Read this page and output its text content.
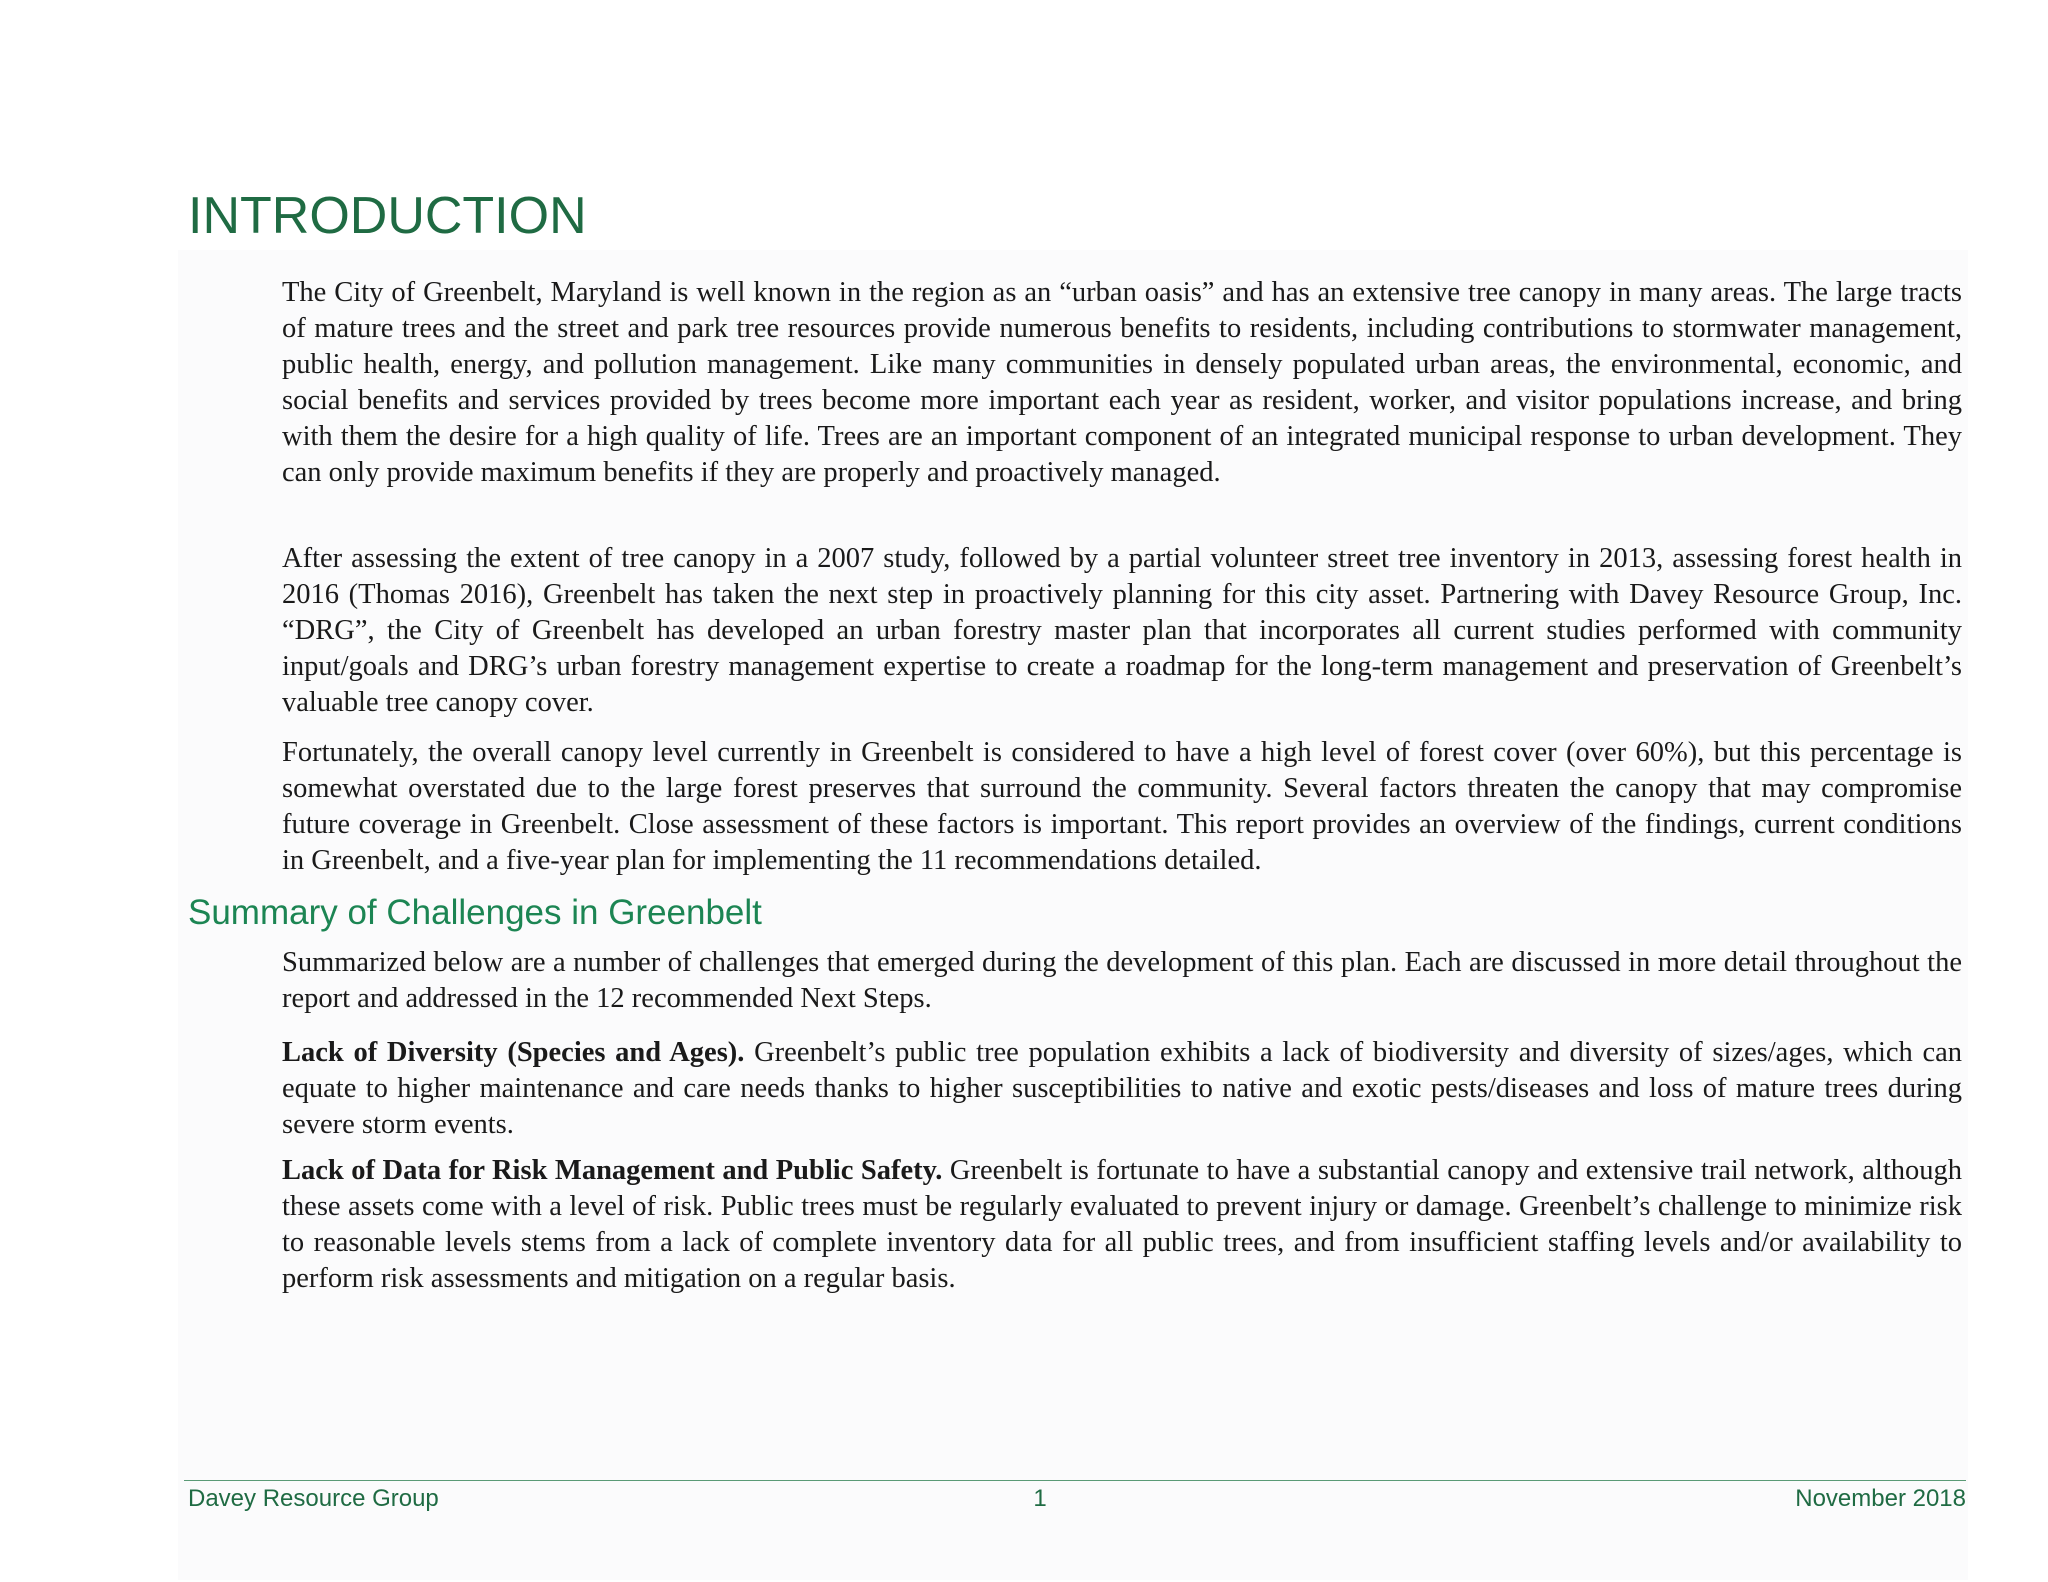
INTRODUCTION

The City of Greenbelt, Maryland is well known in the region as an “urban oasis” and has an extensive tree canopy in many areas. The large tracts of mature trees and the street and park tree resources provide numerous benefits to residents, including contributions to stormwater management, public health, energy, and pollution management. Like many communities in densely populated urban areas, the environmental, economic, and social benefits and services provided by trees become more important each year as resident, worker, and visitor populations increase, and bring with them the desire for a high quality of life. Trees are an important component of an integrated municipal response to urban development. They can only provide maximum benefits if they are properly and proactively managed.

After assessing the extent of tree canopy in a 2007 study, followed by a partial volunteer street tree inventory in 2013, assessing forest health in 2016 (Thomas 2016), Greenbelt has taken the next step in proactively planning for this city asset. Partnering with Davey Resource Group, Inc. “DRG”, the City of Greenbelt has developed an urban forestry master plan that incorporates all current studies performed with community input/goals and DRG’s urban forestry management expertise to create a roadmap for the long-term management and preservation of Greenbelt’s valuable tree canopy cover.

Fortunately, the overall canopy level currently in Greenbelt is considered to have a high level of forest cover (over 60%), but this percentage is somewhat overstated due to the large forest preserves that surround the community. Several factors threaten the canopy that may compromise future coverage in Greenbelt. Close assessment of these factors is important. This report provides an overview of the findings, current conditions in Greenbelt, and a five-year plan for implementing the 11 recommendations detailed.

Summary of Challenges in Greenbelt

Summarized below are a number of challenges that emerged during the development of this plan. Each are discussed in more detail throughout the report and addressed in the 12 recommended Next Steps.

Lack of Diversity (Species and Ages). Greenbelt’s public tree population exhibits a lack of biodiversity and diversity of sizes/ages, which can equate to higher maintenance and care needs thanks to higher susceptibilities to native and exotic pests/diseases and loss of mature trees during severe storm events.

Lack of Data for Risk Management and Public Safety. Greenbelt is fortunate to have a substantial canopy and extensive trail network, although these assets come with a level of risk. Public trees must be regularly evaluated to prevent injury or damage. Greenbelt’s challenge to minimize risk to reasonable levels stems from a lack of complete inventory data for all public trees, and from insufficient staffing levels and/or availability to perform risk assessments and mitigation on a regular basis.

Davey Resource Group	1	November 2018
